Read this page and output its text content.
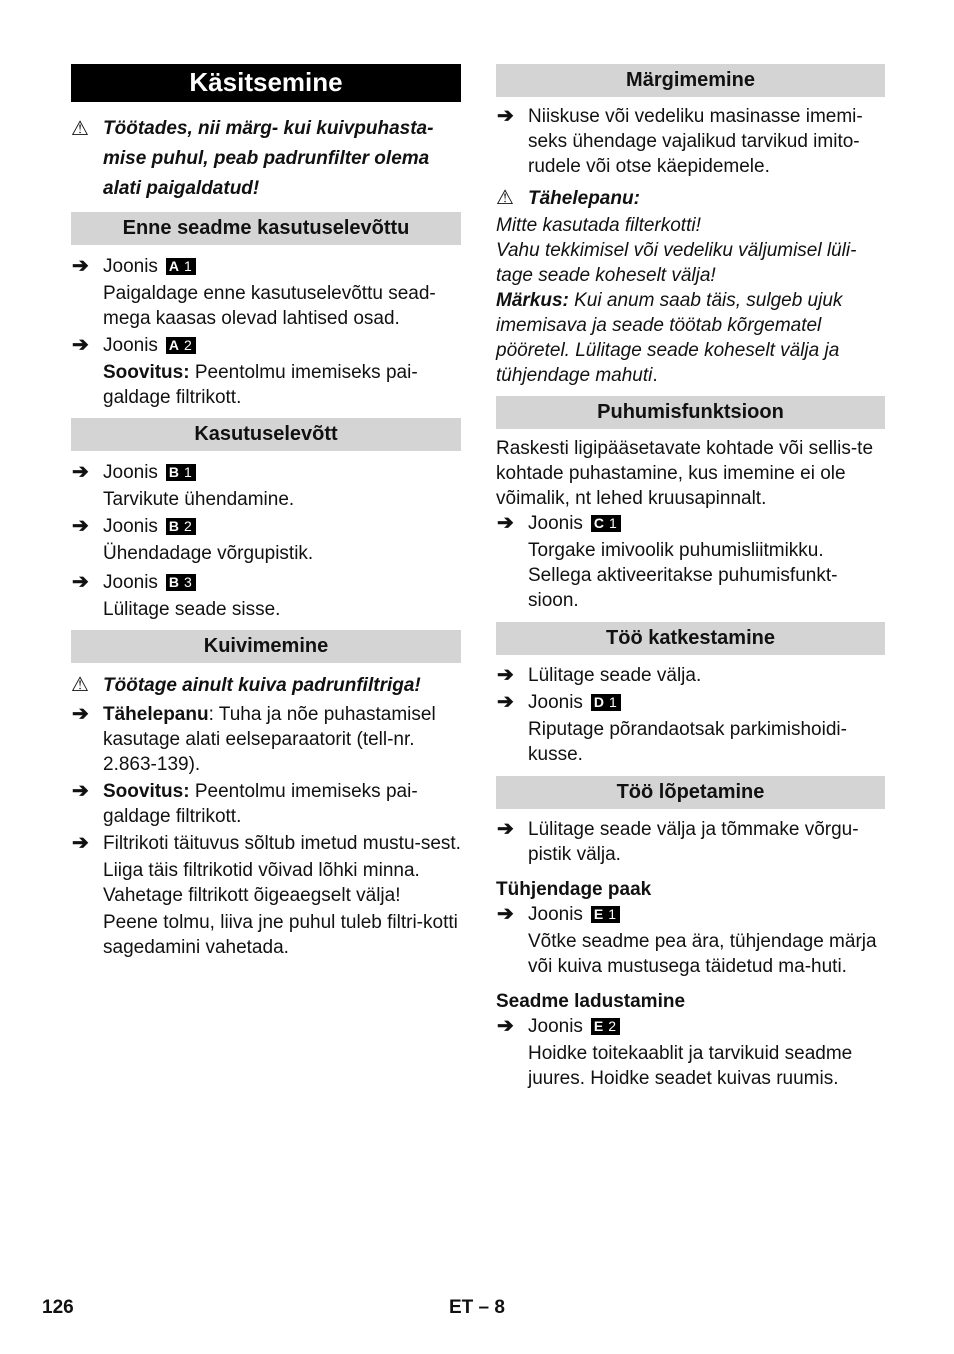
Käsitsemine
⚠ Töötades, nii märg- kui kuivpuhasta-mise puhul, peab padrunfilter olema alati paigaldatud!
Enne seadme kasutuselevõttu
➔ Joonis A 1
Paigaldage enne kasutuselevõttu sead-mega kaasas olevad lahtised osad.
➔ Joonis A 2
Soovitus: Peentolmu imemiseks pai-galdage filtrikott.
Kasutuselevõtt
➔ Joonis B 1
Tarvikute ühendamine.
➔ Joonis B 2
Ühendadage võrgupistik.
➔ Joonis B 3
Lülitage seade sisse.
Kuivimemine
⚠ Töötage ainult kuiva padrunfiltriga!
➔ Tähelepanu: Tuha ja nõe puhastamisel kasutage alati eelseparaatorit (tell-nr. 2.863-139).
➔ Soovitus: Peentolmu imemiseks pai-galdage filtrikott.
➔ Filtrikoti täituvus sõltub imetud mustu-sest.
Liiga täis filtrikotid võivad lõhki minna. Vahetage filtrikott õigeaegselt välja!
Peene tolmu, liiva jne puhul tuleb filtri-kotti sagedamini vahetada.
Märgimemine
➔ Niiskuse või vedeliku masinasse imemi-seks ühendage vajalikud tarvikud imito-rudele või otse käepidemele.
⚠ Tähelepanu:
Mitte kasutada filterkotti!
Vahu tekkimisel või vedeliku väljumisel lüli-tage seade koheselt välja!
Märkus: Kui anum saab täis, sulgeb ujuk imemisava ja seade töötab kõrgematel pööretel. Lülitage seade koheselt välja ja tühjendage mahuti.
Puhumisfunktsioon
Raskesti ligipääsetavate kohtade või sellis-te kohtade puhastamine, kus imemine ei ole võimalik, nt lehed kruusapinnalt.
➔ Joonis C 1
Torgake imivoolik puhumisliitmikku. Sellega aktiveeritakse puhumisfunkt-sioon.
Töö katkestamine
➔ Lülitage seade välja.
➔ Joonis D 1
Riputage põrandaotsak parkimishoidi-kusse.
Töö lõpetamine
➔ Lülitage seade välja ja tõmmake võrgu-pistik välja.
Tühjendage paak
➔ Joonis E 1
Võtke seadme pea ära, tühjendage märja või kuiva mustusega täidetud ma-huti.
Seadme ladustamine
➔ Joonis E 2
Hoidke toitekaablit ja tarvikuid seadme juures. Hoidke seadet kuivas ruumis.
126	ET – 8
